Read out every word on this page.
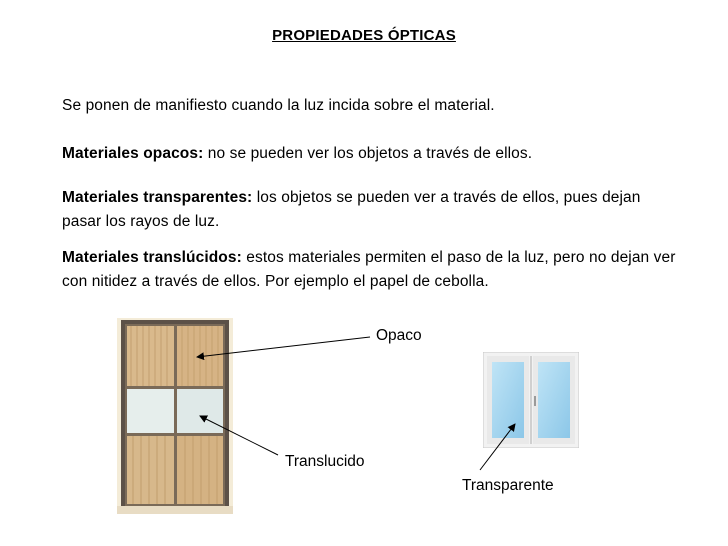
PROPIEDADES ÓPTICAS
Se ponen de manifiesto cuando la luz incida sobre el material.
Materiales opacos: no se pueden ver los objetos a través de ellos.
Materiales transparentes: los objetos se pueden ver a través de ellos, pues dejan pasar los rayos de luz.
Materiales translúcidos: estos materiales permiten el paso de la luz, pero no dejan ver con nitidez a través de ellos. Por ejemplo el papel de cebolla.
Opaco
Translucido
Transparente
